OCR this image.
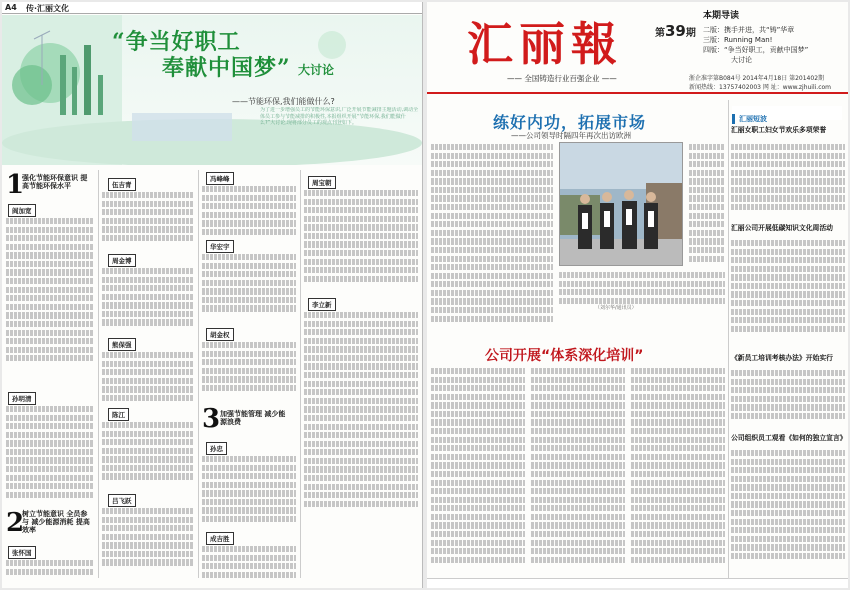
A4 传·汇丽文化
“争当好职工
奉献中国梦” 大讨论
——节能环保,我们能做什么?
为了进一步增强员工的节能环保意识,广泛开展节能减排主题活动,调动全体员工参与节能减排的积极性,本报组织开展“节能环保,我们能做什么?”大讨论,现将部分员工的观点刊登如下。
1
强化节能环保意识 提高节能环保水平
阎加宽
孙明清
2
树立节能意识 全员参与 减少能源消耗 提高效率
张怀国
伍吉青
周金博
熊保强
陈江
吕飞跃
冯峰峰
华宏宇
胡金权
3 加强节能管理 减少能源浪费
孙忠
成吉胜
周宝朝
李立新
汇丽報	第39期
—— 全国铸造行业百强企业 ——
本期导读
二版：携手并进，共“铸”华章
三版：Running Man!
四版：“争当好职工，贡献中国梦”
大讨论
浙企准字第B084号 2014年4月18日 第201402期
新闻热线：13757402003 网 址：www.zjhuili.com
练好内功，拓展市场
——公司领导时隔四年再次出访欧洲
（刘尔华/通讯员）
公司开展“体系深化培训”
汇丽短波
汇丽女职工妇女节欢乐多项荣誉
汇丽公司开展低碳知识文化周活动
《新员工培训考核办法》开始实行
公司组织员工观看《如何的独立宣言》
